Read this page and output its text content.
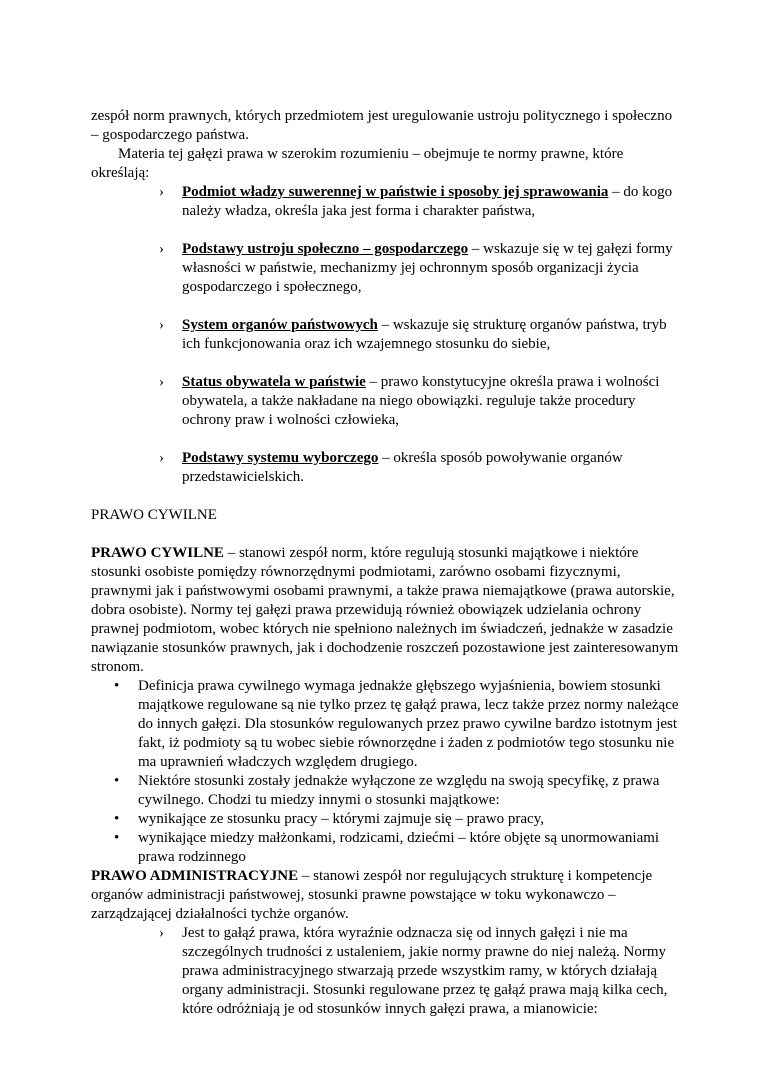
zespół norm prawnych, których przedmiotem jest uregulowanie ustroju politycznego i społeczno – gospodarczego państwa.

Materia tej gałęzi prawa w szerokim rozumieniu – obejmuje te normy prawne, które określają:

› Podmiot władzy suwerennej w państwie i sposoby jej sprawowania – do kogo należy władza, określa jaka jest forma i charakter państwa,
› Podstawy ustroju społeczno – gospodarczego – wskazuje się w tej gałęzi formy własności w państwie, mechanizmy jej ochronnym sposób organizacji życia gospodarczego i społecznego,
› System organów państwowych – wskazuje się strukturę organów państwa, tryb ich funkcjonowania oraz ich wzajemnego stosunku do siebie,
› Status obywatela w państwie – prawo konstytucyjne określa prawa i wolności obywatela, a także nakładane na niego obowiązki. reguluje także procedury ochrony praw i wolności człowieka,
› Podstawy systemu wyborczego – określa sposób powoływanie organów przedstawicielskich.

PRAWO CYWILNE

PRAWO CYWILNE – stanowi zespół norm, które regulują stosunki majątkowe i niektóre stosunki osobiste pomiędzy równorzędnymi podmiotami, zarówno osobami fizycznymi, prawnymi jak i państwowymi osobami prawnymi, a także prawa niemajątkowe (prawa autorskie, dobra osobiste). Normy tej gałęzi prawa przewidują również obowiązek udzielania ochrony prawnej podmiotom, wobec których nie spełniono należnych im świadczeń, jednakże w zasadzie nawiązanie stosunków prawnych, jak i dochodzenie roszczeń pozostawione jest zainteresowanym stronom.

• Definicja prawa cywilnego wymaga jednakże głębszego wyjaśnienia, bowiem stosunki majątkowe regulowane są nie tylko przez tę gałąź prawa, lecz także przez normy należące do innych gałęzi. Dla stosunków regulowanych przez prawo cywilne bardzo istotnym jest fakt, iż podmioty są tu wobec siebie równorzędne i żaden z podmiotów tego stosunku nie ma uprawnień władczych względem drugiego.
• Niektóre stosunki zostały jednakże wyłączone ze względu na swoją specyfikę, z prawa cywilnego. Chodzi tu miedzy innymi o stosunki majątkowe:
• wynikające ze stosunku pracy – którymi zajmuje się – prawo pracy,
• wynikające miedzy małżonkami, rodzicami, dziećmi – które objęte są unormowaniami prawa rodzinnego

PRAWO ADMINISTRACYJNE – stanowi zespół nor regulujących strukturę i kompetencje organów administracji państwowej, stosunki prawne powstające w toku wykonawczo – zarządzającej działalności tychże organów.

› Jest to gałąź prawa, która wyraźnie odznacza się od innych gałęzi i nie ma szczególnych trudności z ustaleniem, jakie normy prawne do niej należą. Normy prawa administracyjnego stwarzają przede wszystkim ramy, w których działają organy administracji. Stosunki regulowane przez tę gałąź prawa mają kilka cech, które odróżniają je od stosunków innych gałęzi prawa, a mianowicie:
